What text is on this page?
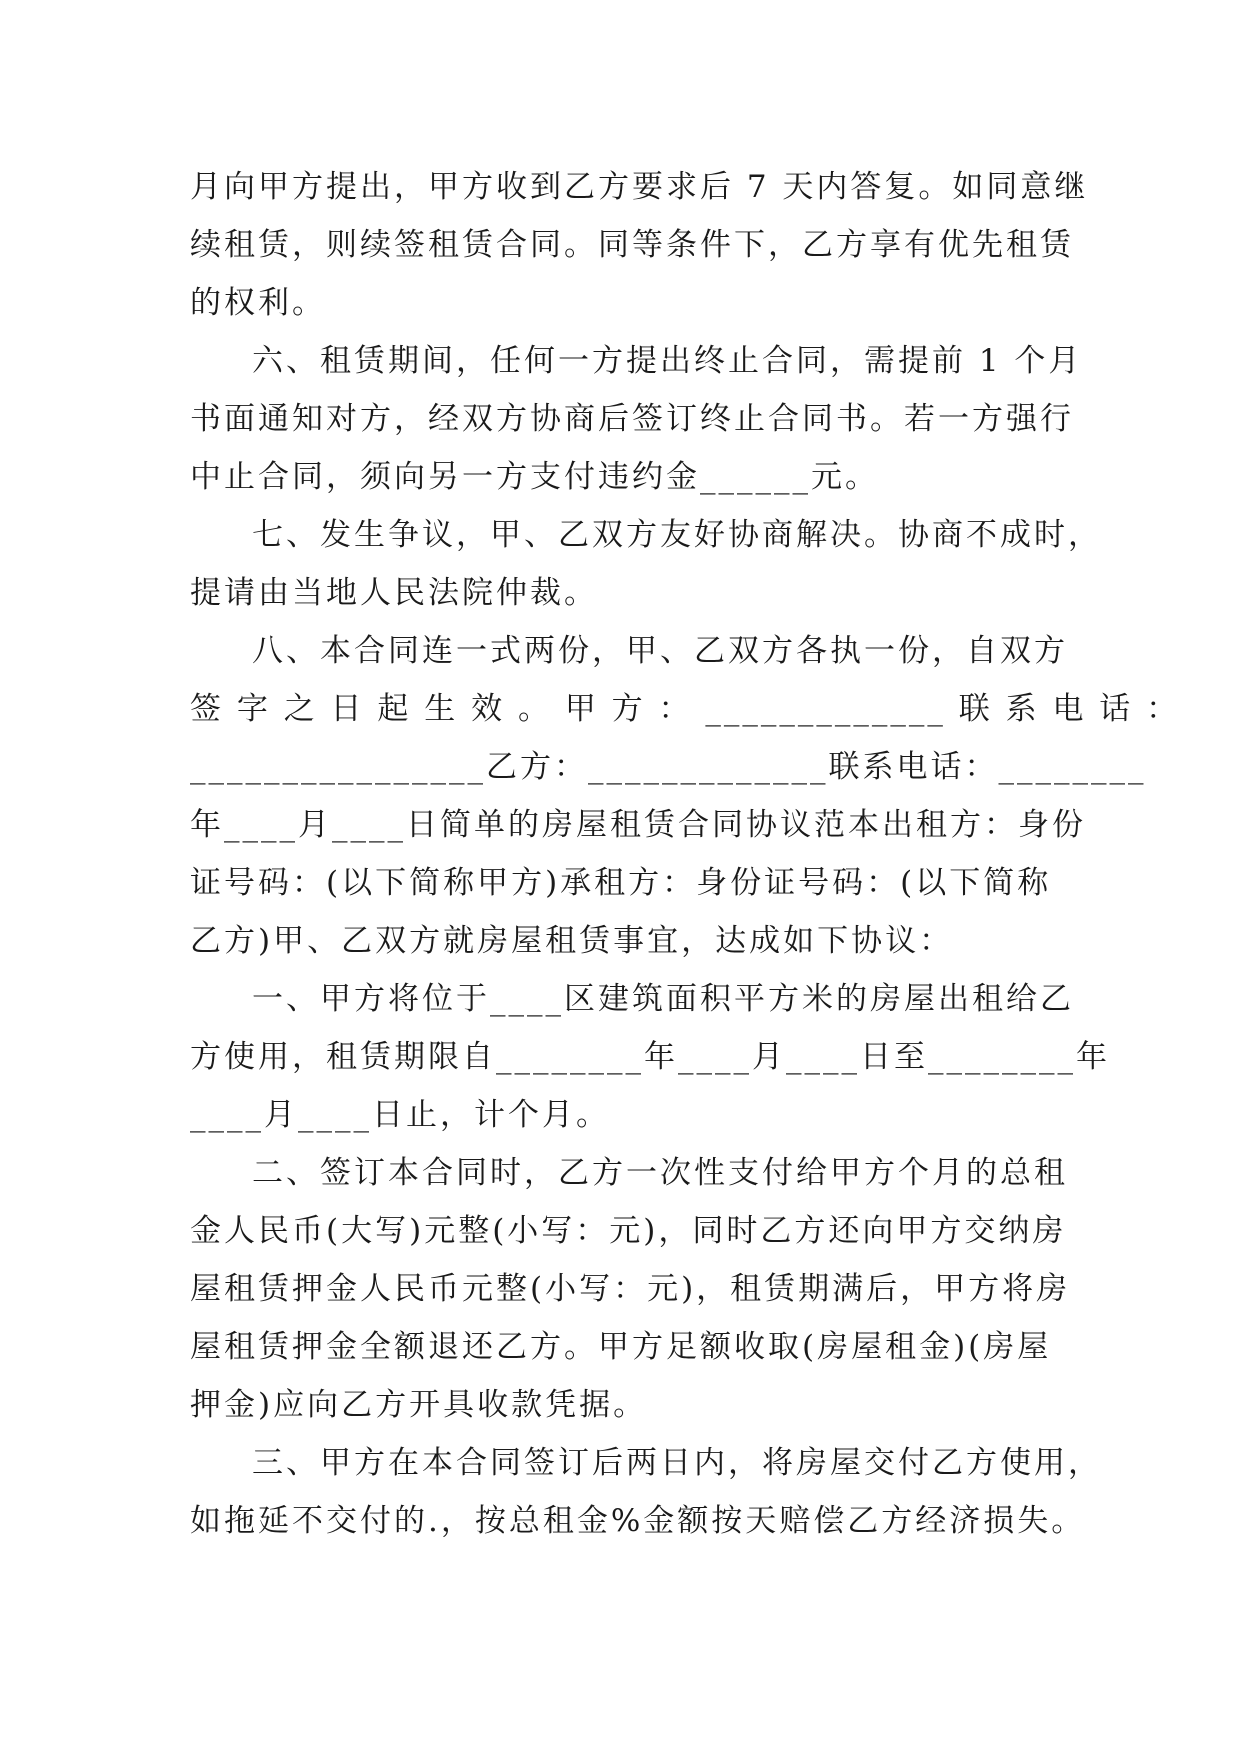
月向甲方提出，甲方收到乙方要求后 7 天内答复。如同意继
续租赁，则续签租赁合同。同等条件下，乙方享有优先租赁
的权利。
六、租赁期间，任何一方提出终止合同，需提前 1 个月
书面通知对方，经双方协商后签订终止合同书。若一方强行
中止合同，须向另一方支付违约金______元。
七、发生争议，甲、乙双方友好协商解决。协商不成时，
提请由当地人民法院仲裁。
八、本合同连一式两份，甲、乙双方各执一份，自双方
签 字 之 日 起 生 效 。 甲 方 ： _____________ 联 系 电 话 ：
________________乙方：_____________联系电话：________
年____月____日简单的房屋租赁合同协议范本出租方：身份
证号码：(以下简称甲方)承租方：身份证号码：(以下简称
乙方)甲、乙双方就房屋租赁事宜，达成如下协议：
一、甲方将位于____区建筑面积平方米的房屋出租给乙
方使用，租赁期限自________年____月____日至________年
____月____日止，计个月。
二、签订本合同时，乙方一次性支付给甲方个月的总租
金人民币(大写)元整(小写：元)，同时乙方还向甲方交纳房
屋租赁押金人民币元整(小写：元)，租赁期满后，甲方将房
屋租赁押金全额退还乙方。甲方足额收取(房屋租金)(房屋
押金)应向乙方开具收款凭据。
三、甲方在本合同签订后两日内，将房屋交付乙方使用，
如拖延不交付的.，按总租金%金额按天赔偿乙方经济损失。
